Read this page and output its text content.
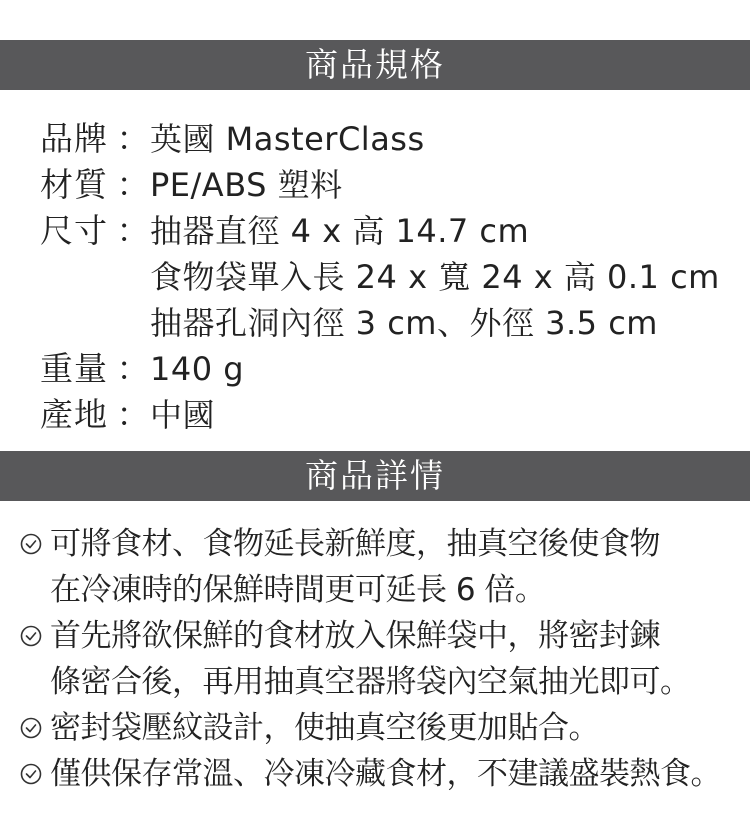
商品規格
品牌 ： 英國 MasterClass
材質 ： PE/ABS 塑料
尺寸 ： 抽器直徑 4 x 高 14.7 cm
食物袋單入長 24 x 寬 24 x 高 0.1 cm
抽器孔洞內徑 3 cm、外徑 3.5 cm
重量 ： 140 g
產地 ： 中國
商品詳情
可將食材、食物延長新鮮度，抽真空後使食物
在冷凍時的保鮮時間更可延長 6 倍。
首先將欲保鮮的食材放入保鮮袋中，將密封鍊
條密合後，再用抽真空器將袋內空氣抽光即可。
密封袋壓紋設計，使抽真空後更加貼合。
僅供保存常溫、冷凍冷藏食材，不建議盛裝熱食。
